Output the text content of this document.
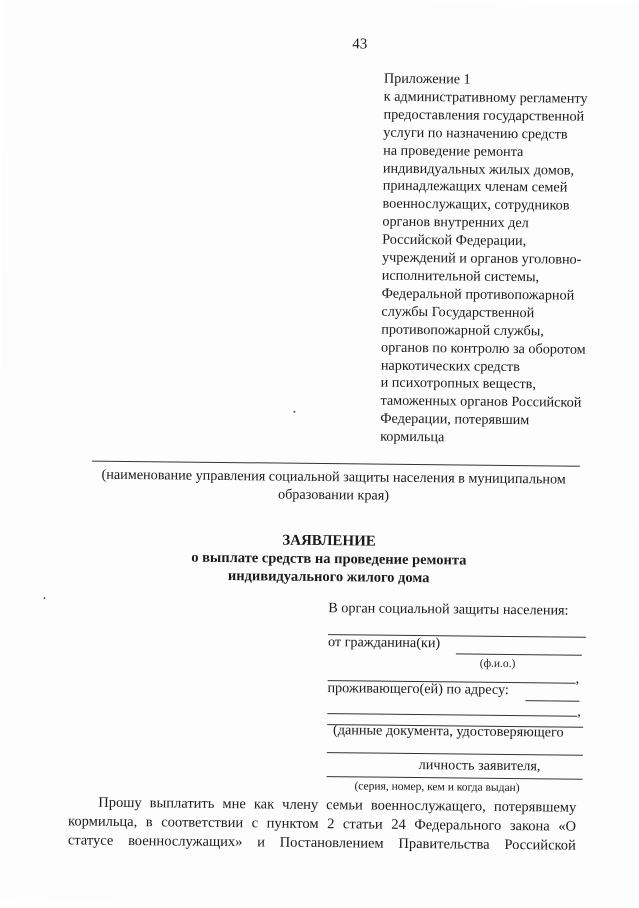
43
Приложение 1
к административному регламенту
предоставления государственной
услуги по назначению средств
на проведение ремонта
индивидуальных жилых домов,
принадлежащих членам семей
военнослужащих, сотрудников
органов внутренних дел
Российской Федерации,
учреждений и органов уголовно-
исполнительной системы,
Федеральной противопожарной
службы Государственной
противопожарной службы,
органов по контролю за оборотом
наркотических средств
и психотропных веществ,
таможенных органов Российской
Федерации, потерявшим
кормильца
(наименование управления социальной защиты населения в муниципальном образовании края)
ЗАЯВЛЕНИЕ
о выплате средств на проведение ремонта
индивидуального жилого дома
В орган социальной защиты населения:
от гражданина(ки)
(ф.и.о.)
,
проживающего(ей) по адресу:
,
(данные документа, удостоверяющего
личность заявителя,
(серия, номер, кем и когда выдан)
Прошу выплатить мне как члену семьи военнослужащего, потерявшему
кормильца, в соответствии с пунктом 2 статьи 24 Федерального закона «О
статусе военнослужащих» и Постановлением Правительства Российской
